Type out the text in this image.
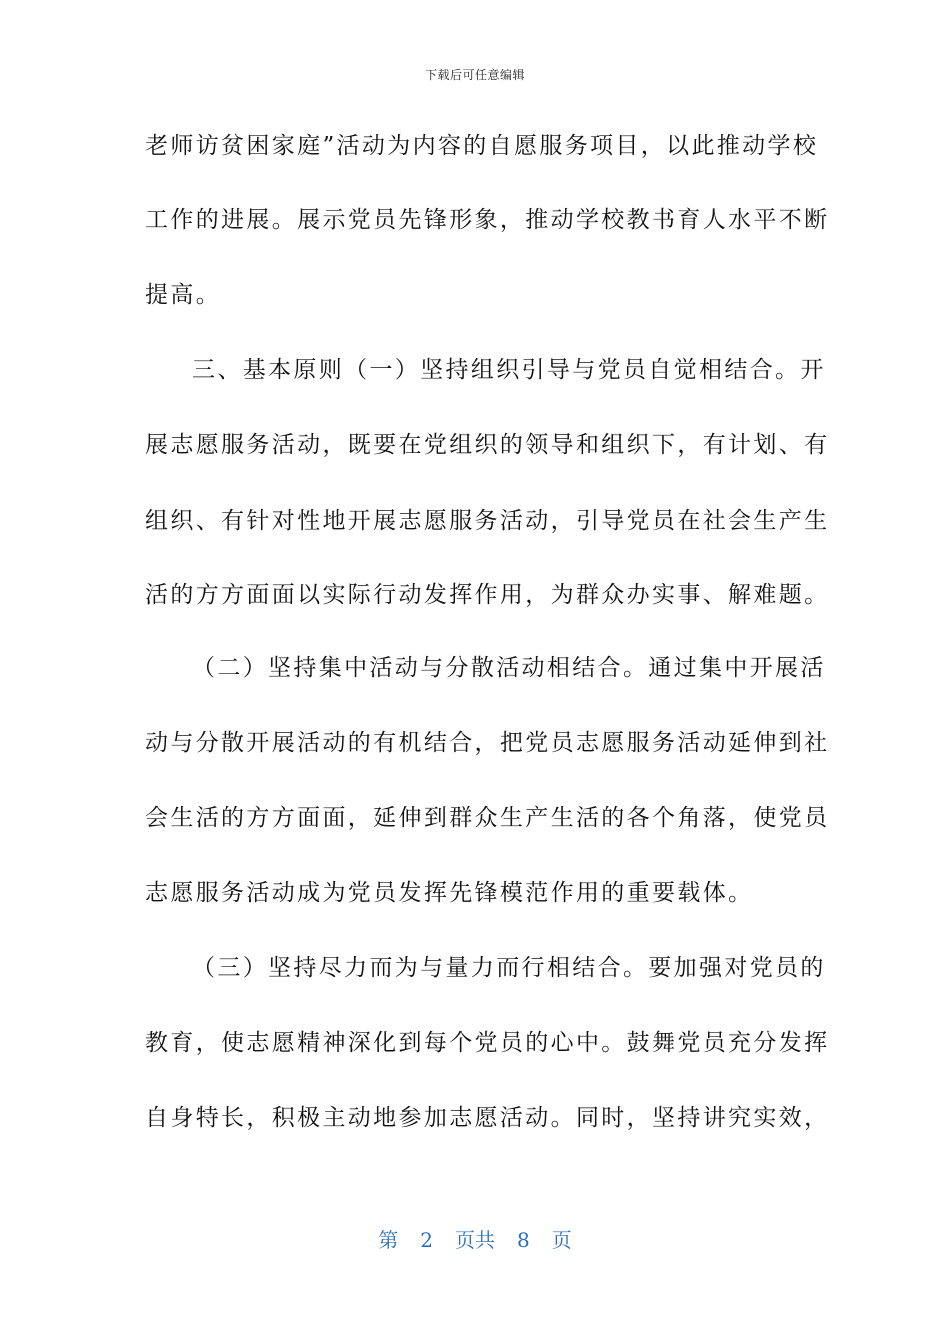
下载后可任意编辑
老师访贫困家庭”活动为内容的自愿服务项目，以此推动学校
工作的进展。展示党员先锋形象，推动学校教书育人水平不断
提高。
三、基本原则（一）坚持组织引导与党员自觉相结合。开
展志愿服务活动，既要在党组织的领导和组织下，有计划、有
组织、有针对性地开展志愿服务活动，引导党员在社会生产生
活的方方面面以实际行动发挥作用，为群众办实事、解难题。
（二）坚持集中活动与分散活动相结合。通过集中开展活
动与分散开展活动的有机结合，把党员志愿服务活动延伸到社
会生活的方方面面，延伸到群众生产生活的各个角落，使党员
志愿服务活动成为党员发挥先锋模范作用的重要载体。
（三）坚持尽力而为与量力而行相结合。要加强对党员的
教育，使志愿精神深化到每个党员的心中。鼓舞党员充分发挥
自身特长，积极主动地参加志愿活动。同时，坚持讲究实效，
第 2 页共 8 页
